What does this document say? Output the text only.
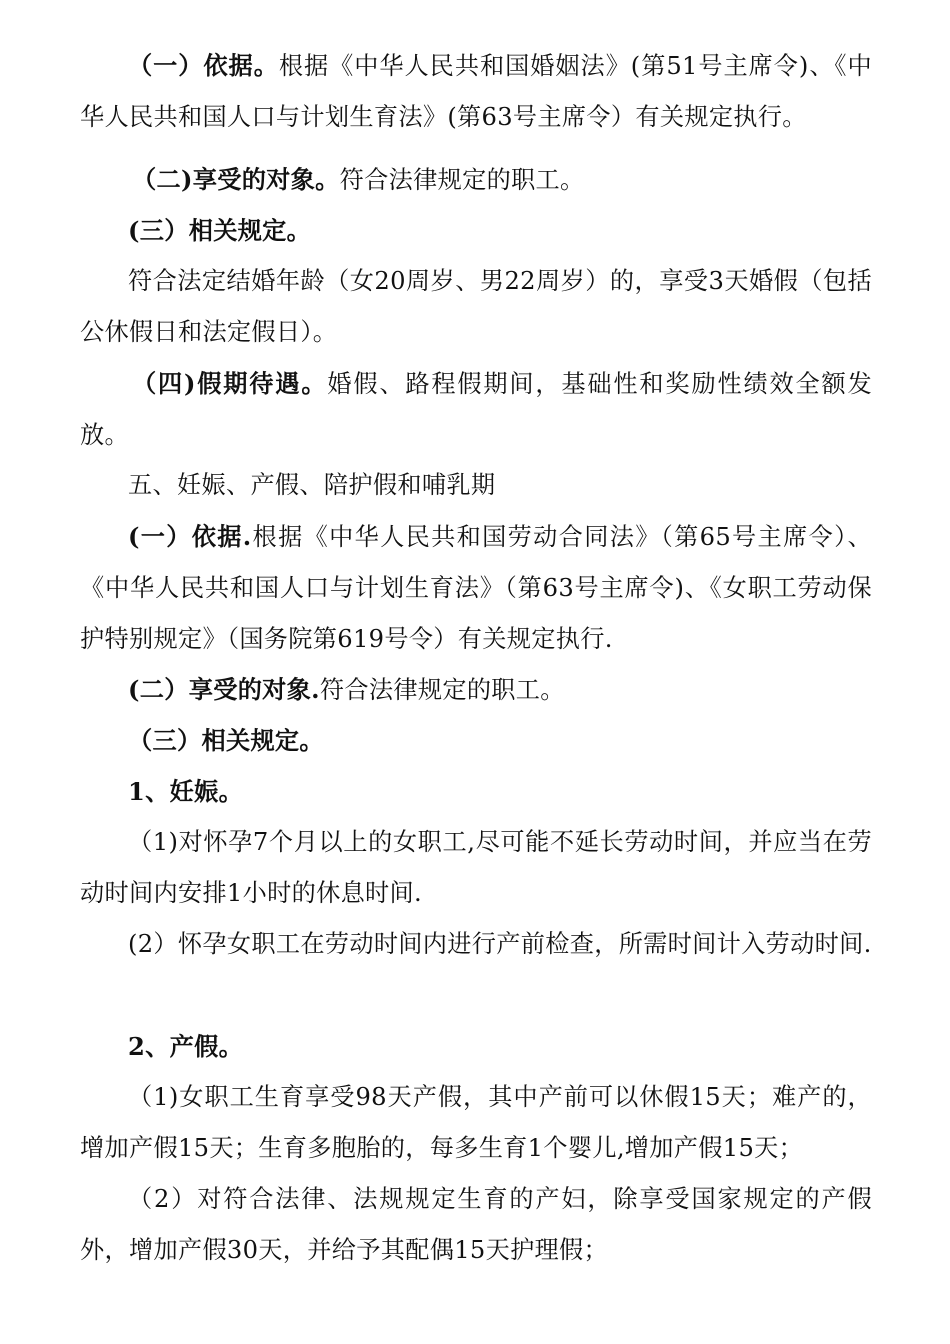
（一）依据。根据《中华人民共和国婚姻法》(第51号主席令)、《中华人民共和国人口与计划生育法》(第63号主席令）有关规定执行。

（二)享受的对象。符合法律规定的职工。

(三）相关规定。

符合法定结婚年龄（女20周岁、男22周岁）的，享受3天婚假（包括公休假日和法定假日）。

（四)假期待遇。婚假、路程假期间，基础性和奖励性绩效全额发放。

五、妊娠、产假、陪护假和哺乳期

(一）依据.根据《中华人民共和国劳动合同法》（第65号主席令）、《中华人民共和国人口与计划生育法》（第63号主席令)、《女职工劳动保护特别规定》（国务院第619号令）有关规定执行.

(二）享受的对象.符合法律规定的职工。

（三）相关规定。

1、妊娠。

（1)对怀孕7个月以上的女职工,尽可能不延长劳动时间，并应当在劳动时间内安排1小时的休息时间.

(2）怀孕女职工在劳动时间内进行产前检查，所需时间计入劳动时间.

2、产假。

（1)女职工生育享受98天产假，其中产前可以休假15天；难产的，增加产假15天；生育多胞胎的，每多生育1个婴儿,增加产假15天；

（2）对符合法律、法规规定生育的产妇，除享受国家规定的产假外，增加产假30天，并给予其配偶15天护理假；
